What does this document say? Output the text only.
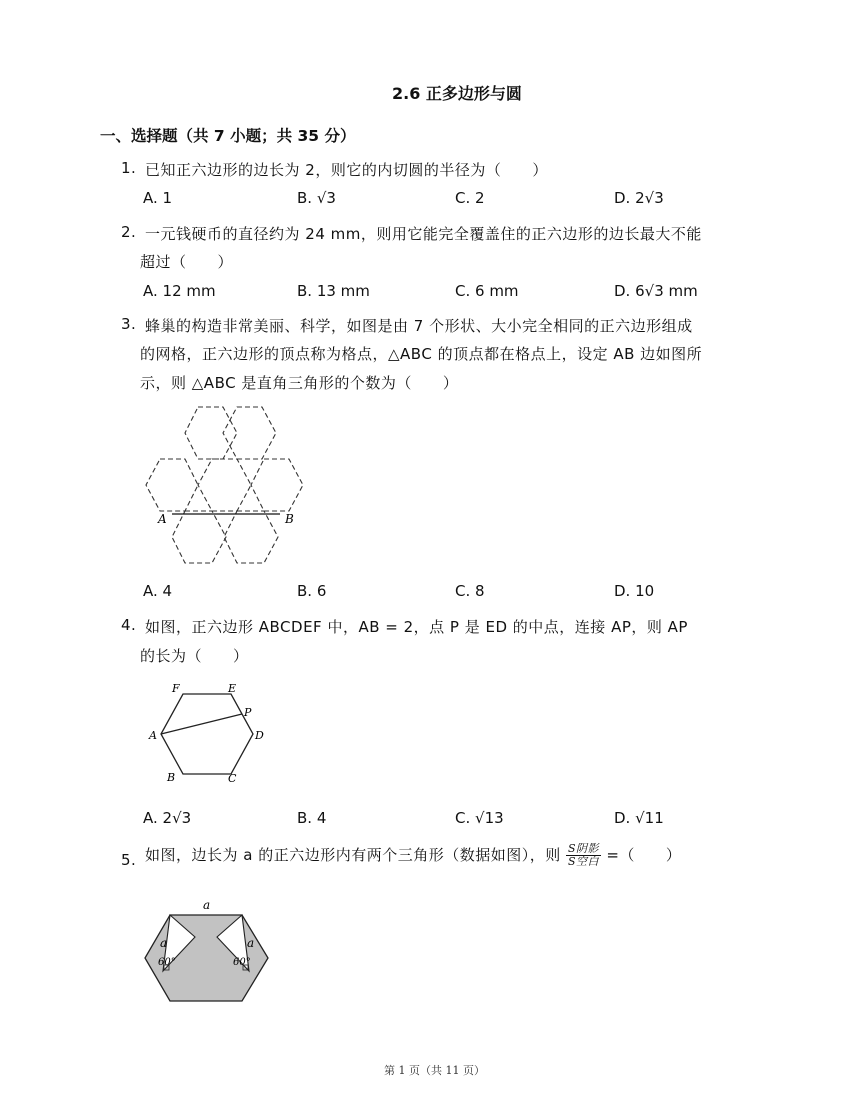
2.6 正多边形与圆
一、选择题（共 7 小题；共 35 分）
1. 已知正六边形的边长为 2，则它的内切圆的半径为（　　）
A. 1	B. √3	C. 2	D. 2√3
2. 一元钱硬币的直径约为 24 mm，则用它能完全覆盖住的正六边形的边长最大不能
超过（　　）
A. 12 mm	B. 13 mm	C. 6 mm	D. 6√3 mm
3. 蜂巢的构造非常美丽、科学，如图是由 7 个形状、大小完全相同的正六边形组成
的网格，正六边形的顶点称为格点，△ABC 的顶点都在格点上，设定 AB 边如图所
示，则 △ABC 是直角三角形的个数为（　　）
A	B
A. 4	B. 6	C. 8	D. 10
4. 如图，正六边形 ABCDEF 中，AB = 2，点 P 是 ED 的中点，连接 AP，则 AP
的长为（　　）
F	E
P
A	D
B	C
A. 2√3	B. 4	C. √13	D. √11
5. 如图，边长为 a 的正六边形内有两个三角形（数据如图），则 $\frac{\text{S阴影}}{\text{S空白}}$ =（　　）
a
a	a
60°	60°
第 1 页（共 11 页）
